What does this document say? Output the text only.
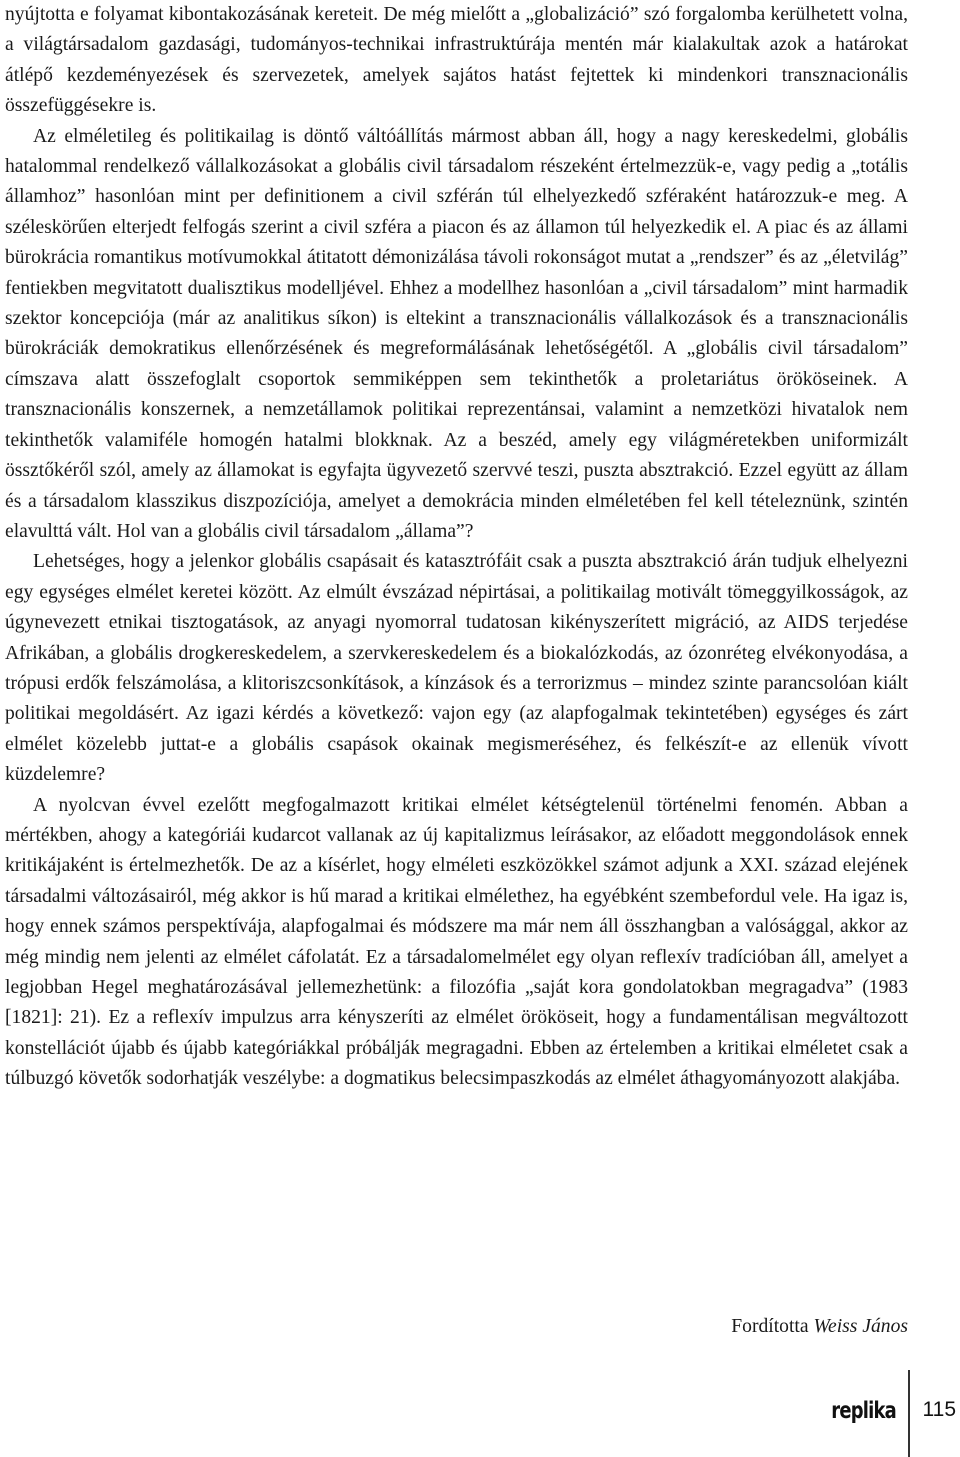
nyújtotta e folyamat kibontakozásának kereteit. De még mielőtt a „globalizáció” szó forgalomba kerülhetett volna, a világtársadalom gazdasági, tudományos-technikai infrastruktúrája mentén már kialakultak azok a határokat átlépő kezdeményezések és szervezetek, amelyek sajátos hatást fejtettek ki mindenkori transznacionális összefüggésekre is.

Az elméletileg és politikailag is döntő váltóállítás mármost abban áll, hogy a nagy kereskedelmi, globális hatalommal rendelkező vállalkozásokat a globális civil társadalom részeként értelmezzük-e, vagy pedig a „totális államhoz” hasonlóan mint per definitionem a civil szférán túl elhelyezkedő szféraként határozzuk-e meg. A széleskörűen elterjedt felfogás szerint a civil szféra a piacon és az államon túl helyezkedik el. A piac és az állami bürokrácia romantikus motívumokkal átitatott démonizálása távoli rokonságot mutat a „rendszer” és az „életvilág” fentiekben megvitatott dualisztikus modelljével. Ehhez a modellhez hasonlóan a „civil társadalom” mint harmadik szektor koncepciója (már az analitikus síkon) is eltekint a transznacionális vállalkozások és a transznacionális bürokráciák demokratikus ellenőrzésének és megreformálásának lehetőségétől. A „globális civil társadalom” címszava alatt összefoglalt csoportok semmiképpen sem tekinthetők a proletariátus örököseinek. A transznacionális konszernek, a nemzetállamok politikai reprezentánsai, valamint a nemzetközi hivatalok nem tekinthetők valamiféle homogén hatalmi blokknak. Az a beszéd, amely egy világméretekben uniformizált össztőkéről szól, amely az államokat is egyfajta ügyvezető szervvé teszi, puszta absztrakció. Ezzel együtt az állam és a társadalom klasszikus diszpozíciója, amelyet a demokrácia minden elméletében fel kell tételeznünk, szintén elavulttá vált. Hol van a globális civil társadalom „állama”?

Lehetséges, hogy a jelenkor globális csapásait és katasztrófáit csak a puszta absztrakció árán tudjuk elhelyezni egy egységes elmélet keretei között. Az elmúlt évszázad népirtásai, a politikailag motivált tömeggyilkosságok, az úgynevezett etnikai tisztogatások, az anyagi nyomorral tudatosan kikényszerített migráció, az AIDS terjedése Afrikában, a globális drogkereskedelem, a szervkereskedelem és a biokalózkodás, az ózonréteg elvékonyodása, a trópusi erdők felszámolása, a klitoriszcsonkítások, a kínzások és a terrorizmus – mindez szinte parancsolóan kiált politikai megoldásért. Az igazi kérdés a következő: vajon egy (az alapfogalmak tekintetében) egységes és zárt elmélet közelebb juttat-e a globális csapások okainak megismeréséhez, és felkészít-e az ellenük vívott küzdelemre?

A nyolcvan évvel ezelőtt megfogalmazott kritikai elmélet kétségtelenül történelmi fenomén. Abban a mértékben, ahogy a kategóriái kudarcot vallanak az új kapitalizmus leírásakor, az előadott meggondolások ennek kritikájaként is értelmezhetők. De az a kísérlet, hogy elméleti eszközökkel számot adjunk a XXI. század elejének társadalmi változásairól, még akkor is hű marad a kritikai elmélethez, ha egyébként szembefordul vele. Ha igaz is, hogy ennek számos perspektívája, alapfogalmai és módszere ma már nem áll összhangban a valósággal, akkor az még mindig nem jelenti az elmélet cáfolatát. Ez a társadalomelmélet egy olyan reflexív tradícióban áll, amelyet a legjobban Hegel meghatározásával jellemezhetünk: a filozófia „saját kora gondolatokban megragadva” (1983 [1821]: 21). Ez a reflexív impulzus arra kényszeríti az elmélet örököseit, hogy a fundamentálisan megváltozott konstellációt újabb és újabb kategóriákkal próbálják megragadni. Ebben az értelemben a kritikai elméletet csak a túlbuzgó követők sodorhatják veszélybe: a dogmatikus belecsimpaszkodás az elmélet áthagyományozott alakjába.

Fordította Weiss János
replika 115
